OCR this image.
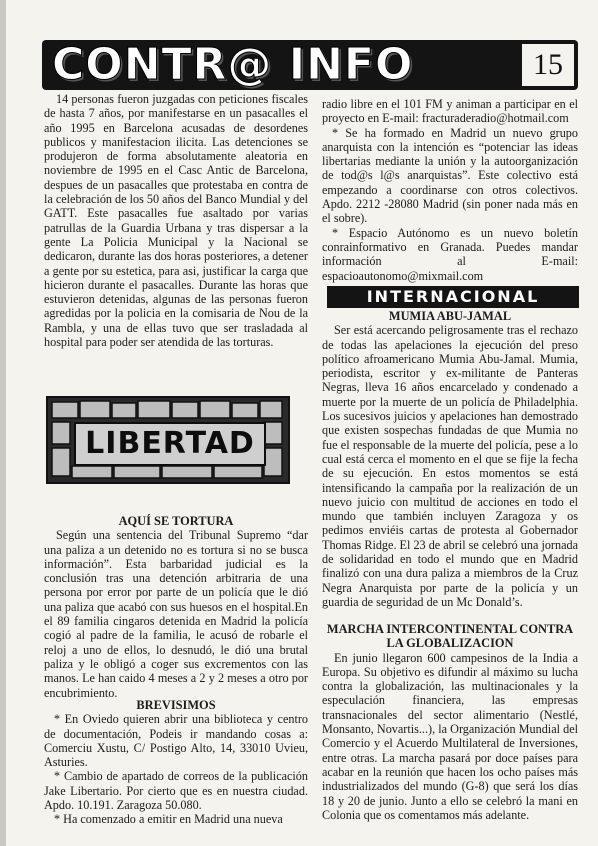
CONTR@ INFO	15

14 personas fueron juzgadas con peticiones fiscales de hasta 7 años, por manifestarse en un pasacalles el año 1995 en Barcelona acusadas de desordenes publicos y manifestacion ilicita. Las detenciones se produjeron de forma absolutamente aleatoria en noviembre de 1995 en el Casc Antic de Barcelona, despues de un pasacalles que protestaba en contra de la celebración de los 50 años del Banco Mundial y del GATT. Este pasacalles fue asaltado por varias patrullas de la Guardia Urbana y tras dispersar a la gente La Policia Municipal y la Nacional se dedicaron, durante las dos horas posteriores, a detener a gente por su estetica, para asi, justificar la carga que hicieron durante el pasacalles. Durante las horas que estuvieron detenidas, algunas de las personas fueron agredidas por la policia en la comisaria de Nou de la Rambla, y una de ellas tuvo que ser trasladada al hospital para poder ser atendida de las torturas.

LIBERTAD

AQUÍ SE TORTURA

Según una sentencia del Tribunal Supremo “dar una paliza a un detenido no es tortura si no se busca información”. Esta barbaridad judicial es la conclusión tras una detención arbitraria de una persona por error por parte de un policía que le dió una paliza que acabó con sus huesos en el hospital.En el 89 familia cingaros detenida en Madrid la policía cogió al padre de la familia, le acusó de robarle el reloj a uno de ellos, lo desnudó, le dió una brutal paliza y le obligó a coger sus excrementos con las manos. Le han caido 4 meses a 2 y 2 meses a otro por encubrimiento.

BREVISIMOS

* En Oviedo quieren abrir una biblioteca y centro de documentación, Podeis ir mandando cosas a: Comerciu Xustu, C/ Postigo Alto, 14, 33010 Uvieu, Asturies.

* Cambio de apartado de correos de la publicación Jake Libertario. Por cierto que es en nuestra ciudad. Apdo. 10.191. Zaragoza 50.080.

* Ha comenzado a emitir en Madrid una nueva

radio libre en el 101 FM y animan a participar en el proyecto en E-mail: fracturaderadio@hotmail.com

* Se ha formado en Madrid un nuevo grupo anarquista con la intención es “potenciar las ideas libertarias mediante la unión y la autoorganización de tod@s l@s anarquistas”. Este colectivo está empezando a coordinarse con otros colectivos. Apdo. 2212 -28080 Madrid (sin poner nada más en el sobre).

* Espacio Autónomo es un nuevo boletín conrainformativo en Granada. Puedes mandar información al E-mail: espacioautonomo@mixmail.com

INTERNACIONAL

MUMIA ABU-JAMAL

Ser está acercando peligrosamente tras el rechazo de todas las apelaciones la ejecución del preso político afroamericano Mumia Abu-Jamal. Mumia, periodista, escritor y ex-militante de Panteras Negras, lleva 16 años encarcelado y condenado a muerte por la muerte de un policía de Philadelphia. Los sucesivos juicios y apelaciones han demostrado que existen sospechas fundadas de que Mumia no fue el responsable de la muerte del policía, pese a lo cual está cerca el momento en el que se fije la fecha de su ejecución. En estos momentos se está intensificando la campaña por la realización de un nuevo juicio con multitud de acciones en todo el mundo que también incluyen Zaragoza y os pedimos enviéis cartas de protesta al Gobernador Thomas Ridge. El 23 de abril se celebró una jornada de solidaridad en todo el mundo que en Madrid finalizó con una dura paliza a miembros de la Cruz Negra Anarquista por parte de la policía y un guardia de seguridad de un Mc Donald’s.

MARCHA INTERCONTINENTAL CONTRA LA GLOBALIZACION

En junio llegaron 600 campesinos de la India a Europa. Su objetivo es difundir al máximo su lucha contra la globalización, las multinacionales y la especulación financiera, las empresas transnacionales del sector alimentario (Nestlé, Monsanto, Novartis...), la Organización Mundial del Comercio y el Acuerdo Multilateral de Inversiones, entre otras. La marcha pasará por doce países para acabar en la reunión que hacen los ocho países más industrializados del mundo (G-8) que será los días 18 y 20 de junio. Junto a ello se celebró la mani en Colonia que os comentamos más adelante.
